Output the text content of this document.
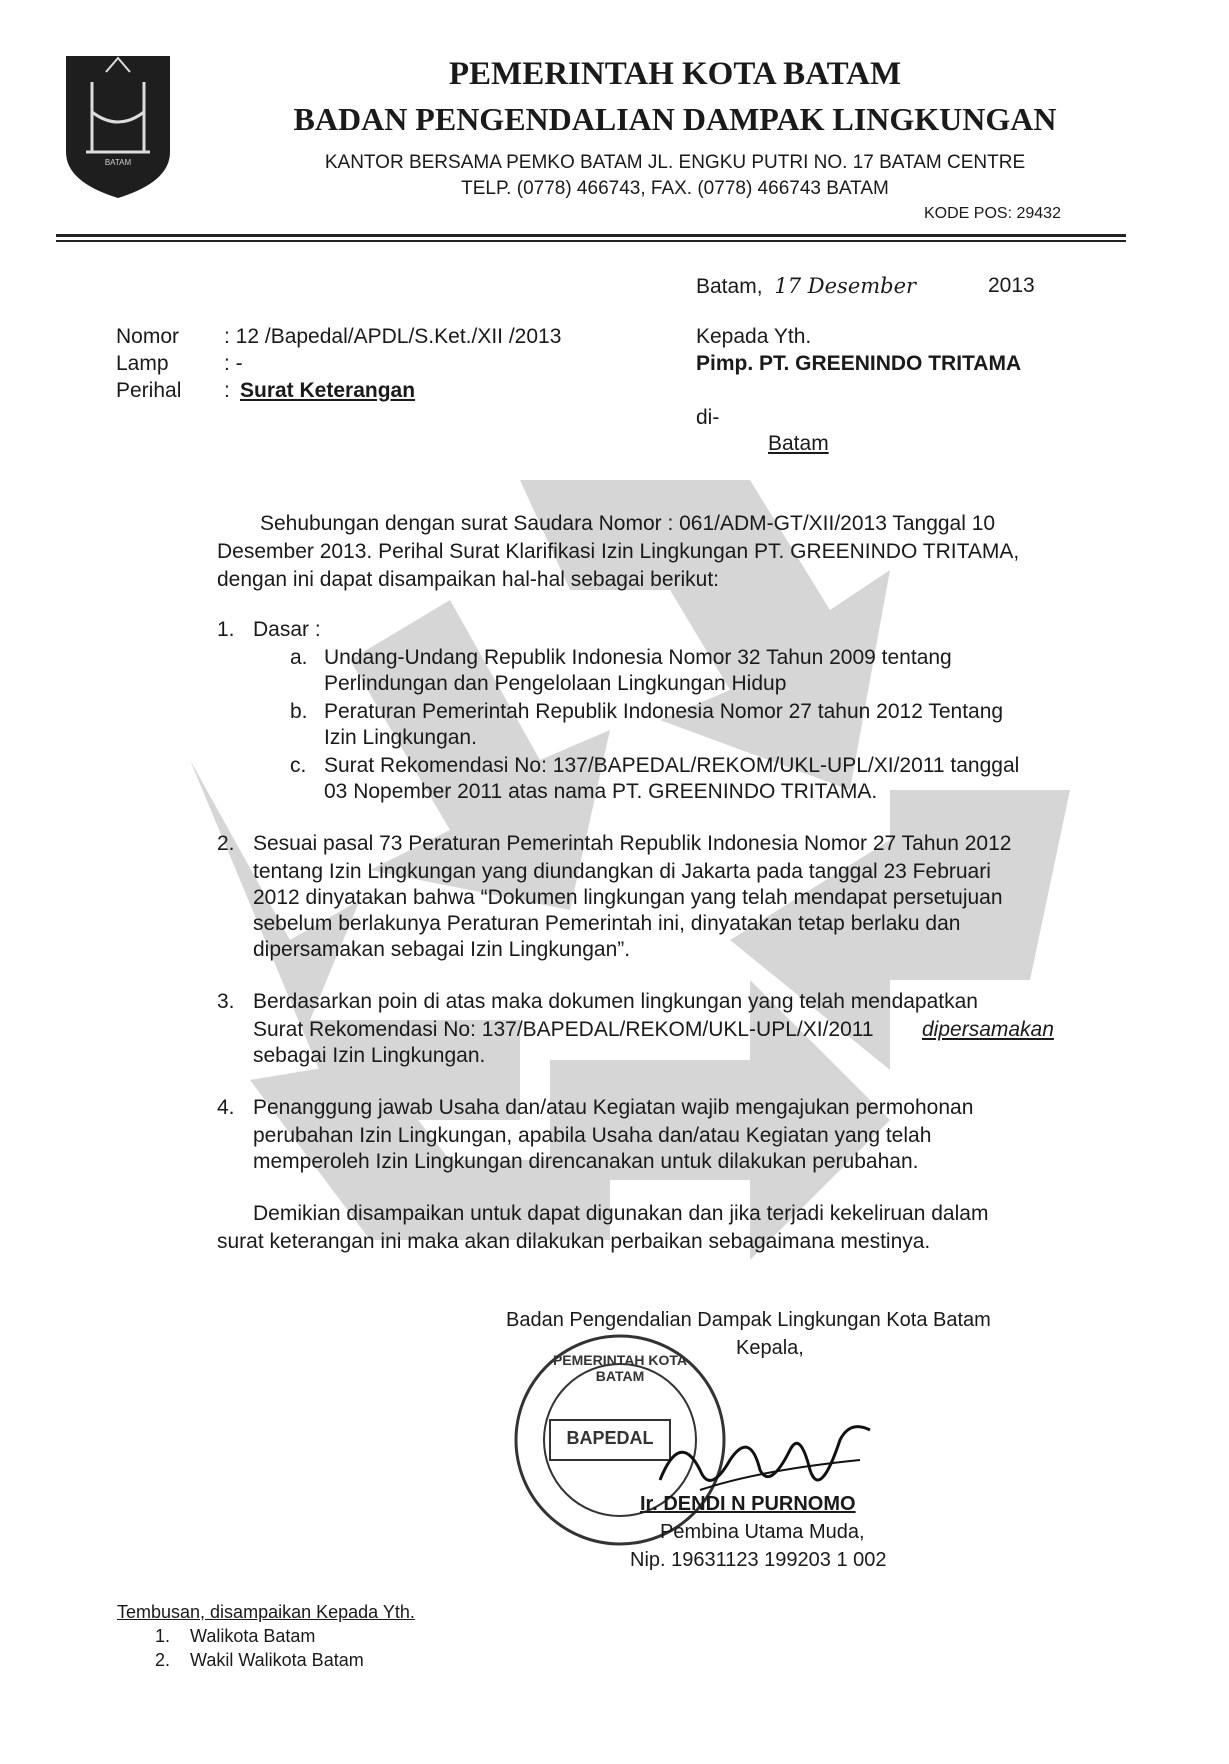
BATAM
PEMERINTAH KOTA BATAM
BADAN PENGENDALIAN DAMPAK LINGKUNGAN
KANTOR BERSAMA PEMKO BATAM JL. ENGKU PUTRI NO. 17 BATAM CENTRE
TELP. (0778) 466743, FAX. (0778) 466743 BATAM
KODE POS: 29432
Batam, 17 Desember	2013
Nomor : 12 /Bapedal/APDL/S.Ket./XII /2013
Lamp	: -
Perihal : Surat Keterangan
Kepada Yth.
Pimp. PT. GREENINDO TRITAMA
di-
Batam
Sehubungan dengan surat Saudara Nomor : 061/ADM-GT/XII/2013 Tanggal 10
Desember 2013. Perihal Surat Klarifikasi Izin Lingkungan PT. GREENINDO TRITAMA,
dengan ini dapat disampaikan hal-hal sebagai berikut:
1. Dasar :
a. Undang-Undang Republik Indonesia Nomor 32 Tahun 2009 tentang
Perlindungan dan Pengelolaan Lingkungan Hidup
b. Peraturan Pemerintah Republik Indonesia Nomor 27 tahun 2012 Tentang
Izin Lingkungan.
c. Surat Rekomendasi No: 137/BAPEDAL/REKOM/UKL-UPL/XI/2011 tanggal
03 Nopember 2011 atas nama PT. GREENINDO TRITAMA.
2. Sesuai pasal 73 Peraturan Pemerintah Republik Indonesia Nomor 27 Tahun 2012
tentang Izin Lingkungan yang diundangkan di Jakarta pada tanggal 23 Februari
2012 dinyatakan bahwa “Dokumen lingkungan yang telah mendapat persetujuan
sebelum berlakunya Peraturan Pemerintah ini, dinyatakan tetap berlaku dan
dipersamakan sebagai Izin Lingkungan”.
3. Berdasarkan poin di atas maka dokumen lingkungan yang telah mendapatkan
Surat Rekomendasi No: 137/BAPEDAL/REKOM/UKL-UPL/XI/2011 dipersamakan
sebagai Izin Lingkungan.
4. Penanggung jawab Usaha dan/atau Kegiatan wajib mengajukan permohonan
perubahan Izin Lingkungan, apabila Usaha dan/atau Kegiatan yang telah
memperoleh Izin Lingkungan direncanakan untuk dilakukan perubahan.
Demikian disampaikan untuk dapat digunakan dan jika terjadi kekeliruan dalam
surat keterangan ini maka akan dilakukan perbaikan sebagaimana mestinya.
Badan Pengendalian Dampak Lingkungan Kota Batam
Kepala,
PEMERINTAH KOTA BATAM
BAPEDAL
Ir. DENDI N PURNOMO
Pembina Utama Muda,
Nip. 19631123 199203 1 002
Tembusan, disampaikan Kepada Yth.
1. Walikota Batam
2. Wakil Walikota Batam
